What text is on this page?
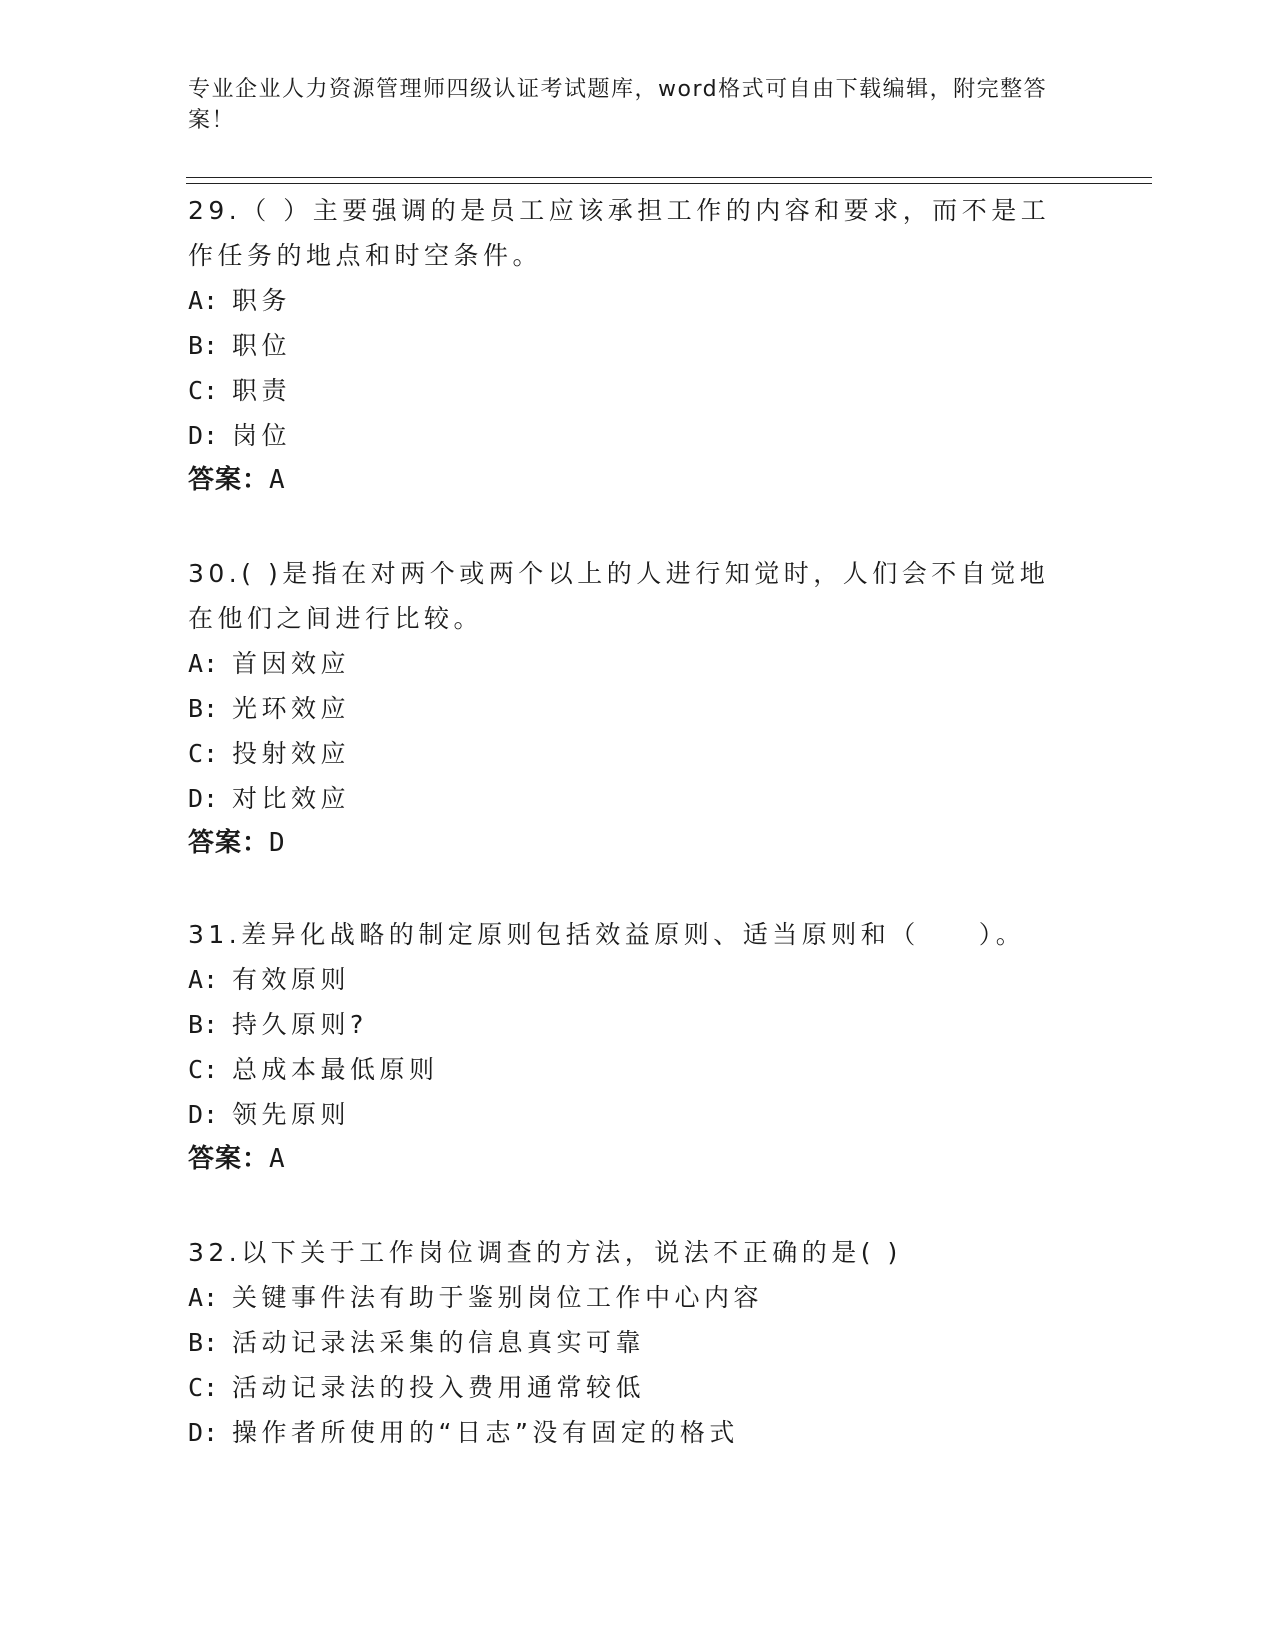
专业企业人力资源管理师四级认证考试题库，word格式可自由下载编辑，附完整答案！
29.（ ）主要强调的是员工应该承担工作的内容和要求，而不是工作任务的地点和时空条件。
A: 职务
B: 职位
C: 职责
D: 岗位
答案：A
30.( )是指在对两个或两个以上的人进行知觉时，人们会不自觉地在他们之间进行比较。
A: 首因效应
B: 光环效应
C: 投射效应
D: 对比效应
答案：D
31.差异化战略的制定原则包括效益原则、适当原则和（　　）。
A: 有效原则
B: 持久原则?
C: 总成本最低原则
D: 领先原则
答案：A
32.以下关于工作岗位调查的方法，说法不正确的是( )
A: 关键事件法有助于鉴别岗位工作中心内容
B: 活动记录法采集的信息真实可靠
C: 活动记录法的投入费用通常较低
D: 操作者所使用的“日志”没有固定的格式
